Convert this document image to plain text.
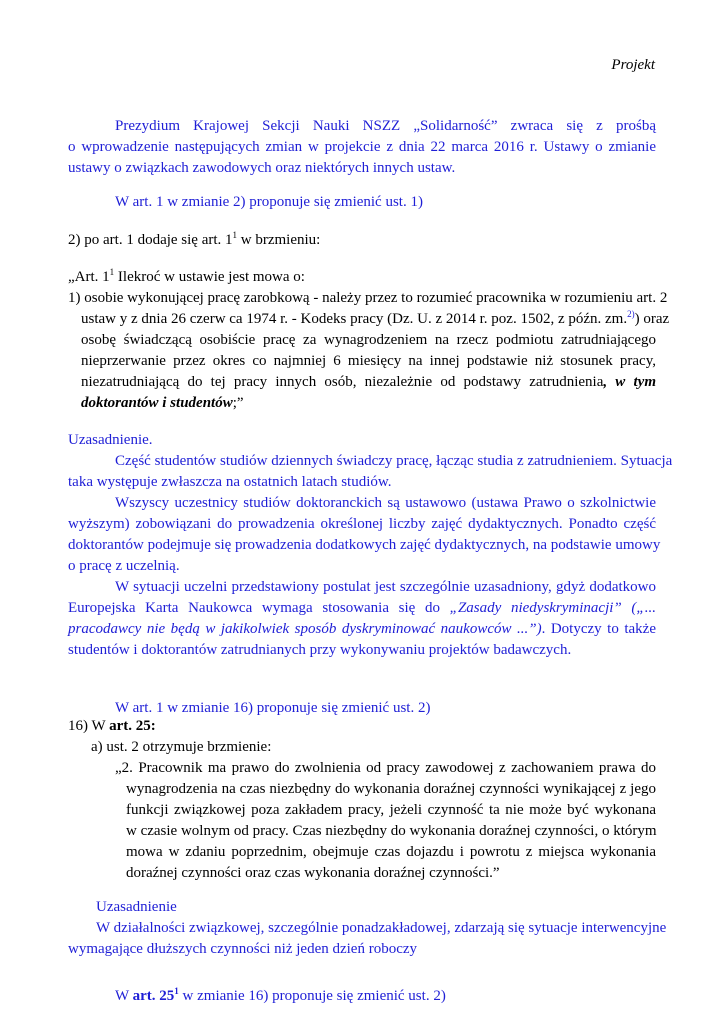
Projekt
Prezydium Krajowej Sekcji Nauki NSZZ „Solidarność” zwraca się z prośbą
o wprowadzenie następujących zmian w projekcie z dnia 22 marca 2016 r. Ustawy o zmianie
ustawy o związkach zawodowych oraz niektórych innych ustaw.
W art. 1 w zmianie 2) proponuje się zmienić ust. 1)
2) po art. 1 dodaje się art. $1^1$ w brzmieniu:
„Art. $1^1$ Ilekroć w ustawie jest mowa o:
1) osobie wykonującej pracę zarobkową - należy przez to rozumieć pracownika w rozumieniu art. 2
ustaw y z dnia 26 czerw ca 1974 r. - Kodeks pracy (Dz. U. z 2014 r. poz. 1502, z późn. zm.$^{2)}$) oraz
osobę świadczącą osobiście pracę za wynagrodzeniem na rzecz podmiotu zatrudniającego
nieprzerwanie przez okres co najmniej 6 miesięcy na innej podstawie niż stosunek pracy,
niezatrudniającą do tej pracy innych osób, niezależnie od podstawy zatrudnienia, w tym
doktorantów i studentów;”
Uzasadnienie.
Część studentów studiów dziennych świadczy pracę, łącząc studia z zatrudnieniem. Sytuacja
taka występuje zwłaszcza na ostatnich latach studiów.
Wszyscy uczestnicy studiów doktoranckich są ustawowo (ustawa Prawo o szkolnictwie
wyższym) zobowiązani do prowadzenia określonej liczby zajęć dydaktycznych. Ponadto część
doktorantów podejmuje się prowadzenia dodatkowych zajęć dydaktycznych, na podstawie umowy
o pracę z uczelnią.
W sytuacji uczelni przedstawiony postulat jest szczególnie uzasadniony, gdyż dodatkowo
Europejska Karta Naukowca wymaga stosowania się do „Zasady niedyskryminacji” („...
pracodawcy nie będą w jakikolwiek sposób dyskryminować naukowców ...”). Dotyczy to także
studentów i doktorantów zatrudnianych przy wykonywaniu projektów badawczych.
W art. 1 w zmianie 16) proponuje się zmienić ust. 2)
16) W art. 25:
a) ust. 2 otrzymuje brzmienie:
„2. Pracownik ma prawo do zwolnienia od pracy zawodowej z zachowaniem prawa do
wynagrodzenia na czas niezbędny do wykonania doraźnej czynności wynikającej z jego
funkcji związkowej poza zakładem pracy, jeżeli czynność ta nie może być wykonana
w czasie wolnym od pracy. Czas niezbędny do wykonania doraźnej czynności, o którym
mowa w zdaniu poprzednim, obejmuje czas dojazdu i powrotu z miejsca wykonania
doraźnej czynności oraz czas wykonania doraźnej czynności.”
Uzasadnienie
W działalności związkowej, szczególnie ponadzakładowej, zdarzają się sytuacje interwencyjne
wymagające dłuższych czynności niż jeden dzień roboczy
W art. $25^1$ w zmianie 16) proponuje się zmienić ust. 2)
